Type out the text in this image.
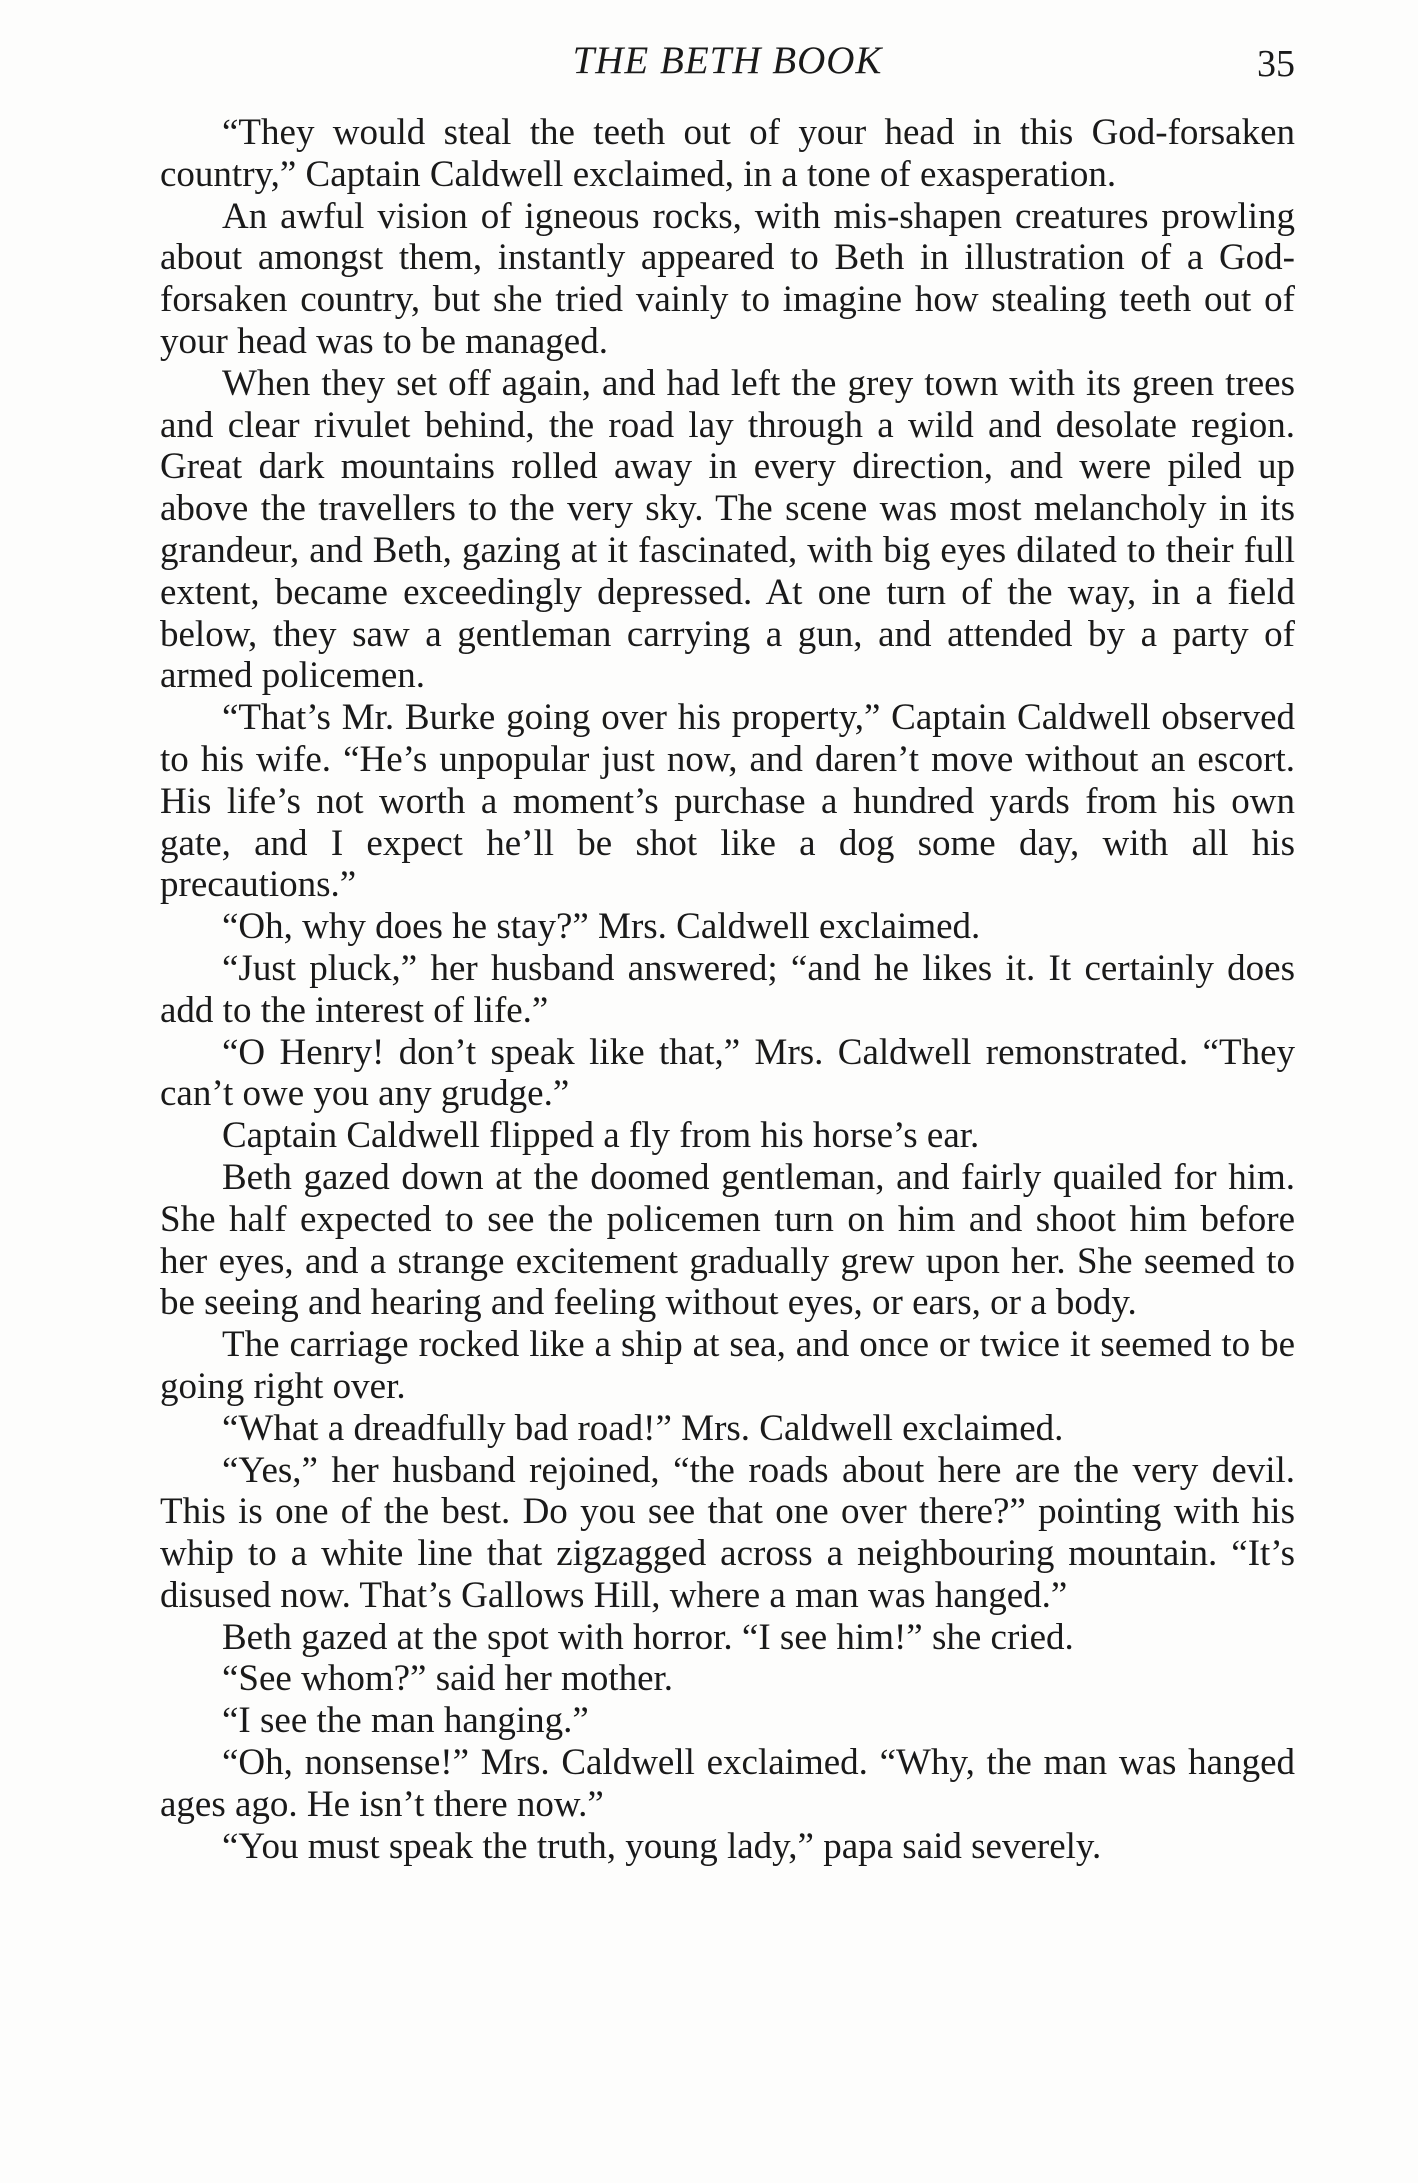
THE BETH BOOK	35

“They would steal the teeth out of your head in this God-forsaken country,” Captain Caldwell exclaimed, in a tone of exasperation.

An awful vision of igneous rocks, with mis-shapen creatures prowling about amongst them, instantly appeared to Beth in illustration of a God-forsaken country, but she tried vainly to imagine how stealing teeth out of your head was to be managed.

When they set off again, and had left the grey town with its green trees and clear rivulet behind, the road lay through a wild and desolate region. Great dark mountains rolled away in every direction, and were piled up above the travellers to the very sky. The scene was most melancholy in its grandeur, and Beth, gazing at it fascinated, with big eyes dilated to their full extent, became exceedingly depressed. At one turn of the way, in a field below, they saw a gentleman carrying a gun, and attended by a party of armed policemen.

“That’s Mr. Burke going over his property,” Captain Caldwell observed to his wife. “He’s unpopular just now, and daren’t move without an escort. His life’s not worth a moment’s purchase a hundred yards from his own gate, and I expect he’ll be shot like a dog some day, with all his precautions.”

“Oh, why does he stay?” Mrs. Caldwell exclaimed.

“Just pluck,” her husband answered; “and he likes it. It certainly does add to the interest of life.”

“O Henry! don’t speak like that,” Mrs. Caldwell remonstrated. “They can’t owe you any grudge.”

Captain Caldwell flipped a fly from his horse’s ear.

Beth gazed down at the doomed gentleman, and fairly quailed for him. She half expected to see the policemen turn on him and shoot him before her eyes, and a strange excitement gradually grew upon her. She seemed to be seeing and hearing and feeling without eyes, or ears, or a body.

The carriage rocked like a ship at sea, and once or twice it seemed to be going right over.

“What a dreadfully bad road!” Mrs. Caldwell exclaimed.

“Yes,” her husband rejoined, “the roads about here are the very devil. This is one of the best. Do you see that one over there?” pointing with his whip to a white line that zigzagged across a neighbouring mountain. “It’s disused now. That’s Gallows Hill, where a man was hanged.”

Beth gazed at the spot with horror. “I see him!” she cried.

“See whom?” said her mother.

“I see the man hanging.”

“Oh, nonsense!” Mrs. Caldwell exclaimed. “Why, the man was hanged ages ago. He isn’t there now.”

“You must speak the truth, young lady,” papa said severely.
